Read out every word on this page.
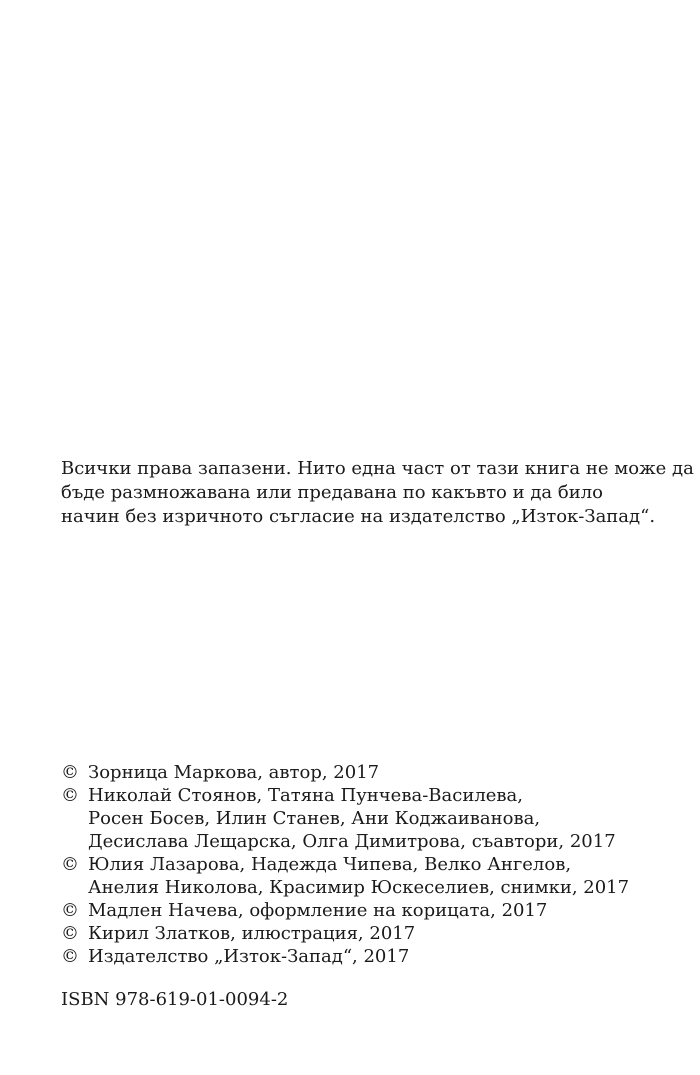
Всички права запазени. Нито една част от тази книга не може да
бъде размножавана или предавана по какъвто и да било
начин без изричното съгласие на издателство „Изток-Запад“.
© Зорница Маркова, автор, 2017
© Николай Стоянов, Татяна Пунчева-Василева,
Росен Босев, Илин Станев, Ани Коджаиванова,
Десислава Лещарска, Олга Димитрова, съавтори, 2017
© Юлия Лазарова, Надежда Чипева, Велко Ангелов,
Анелия Николова, Красимир Юскеселиев, снимки, 2017
© Мадлен Начева, оформление на корицата, 2017
© Кирил Златков, илюстрация, 2017
© Издателство „Изток-Запад“, 2017
ISBN 978-619-01-0094-2
